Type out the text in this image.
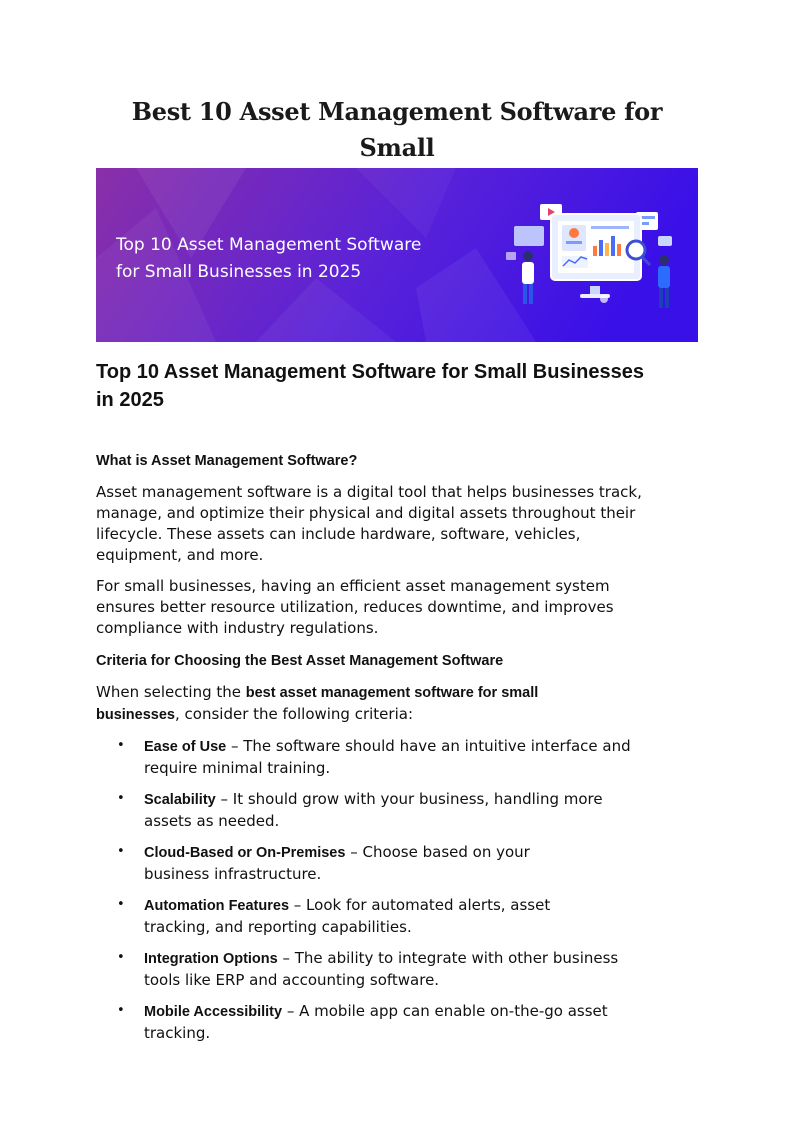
Best 10 Asset Management Software for Small

Top 10 Asset Management Software
for Small Businesses in 2025
Top 10 Asset Management Software for Small Businesses
in 2025
What is Asset Management Software?

Asset management software is a digital tool that helps businesses track,
manage, and optimize their physical and digital assets throughout their
lifecycle. These assets can include hardware, software, vehicles,
equipment, and more.

For small businesses, having an efficient asset management system
ensures better resource utilization, reduces downtime, and improves
compliance with industry regulations.

Criteria for Choosing the Best Asset Management Software

When selecting the best asset management software for small
businesses, consider the following criteria:

• Ease of Use – The software should have an intuitive interface and
require minimal training.
• Scalability – It should grow with your business, handling more
assets as needed.
• Cloud-Based or On-Premises – Choose based on your
business infrastructure.
• Automation Features – Look for automated alerts, asset
tracking, and reporting capabilities.
• Integration Options – The ability to integrate with other business
tools like ERP and accounting software.
• Mobile Accessibility – A mobile app can enable on-the-go asset
tracking.
